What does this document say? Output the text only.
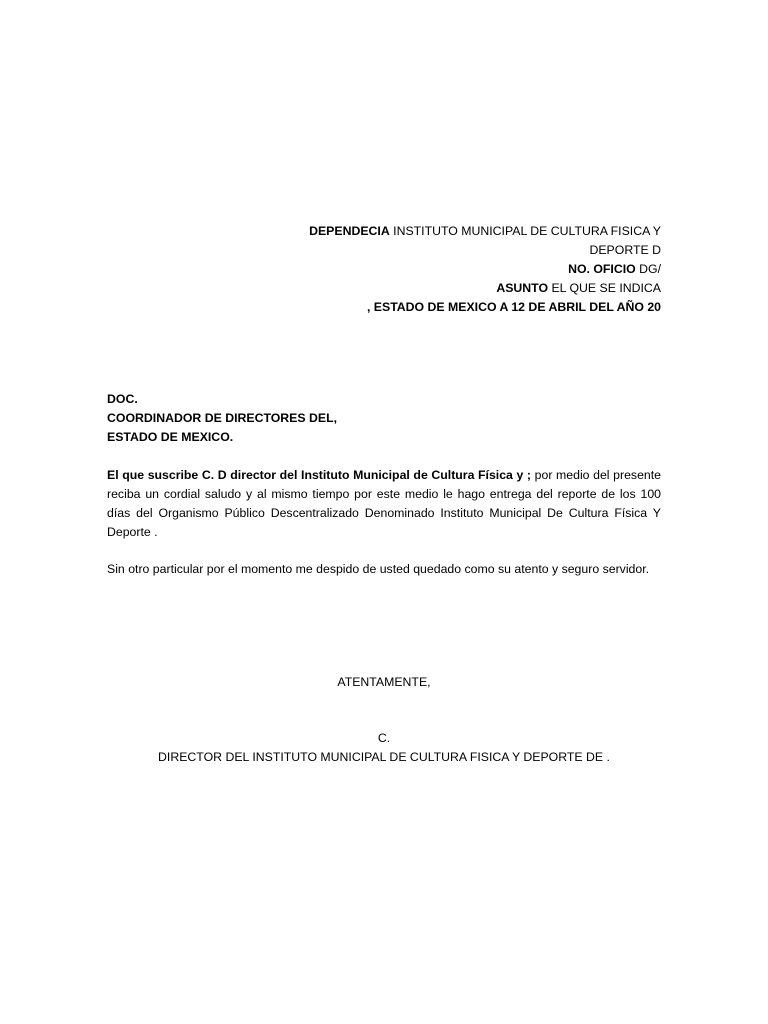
DEPENDECIA INSTITUTO MUNICIPAL DE CULTURA FISICA Y
DEPORTE D
NO. OFICIO DG/
ASUNTO EL QUE SE INDICA
, ESTADO DE MEXICO A 12 DE ABRIL DEL AÑO 20
DOC.
COORDINADOR DE DIRECTORES DEL,
ESTADO DE MEXICO.
El que suscribe C. D director del Instituto Municipal de Cultura Física y ; por medio del presente reciba un cordial saludo y al mismo tiempo por este medio le hago entrega del reporte de los 100 días del Organismo Público Descentralizado Denominado Instituto Municipal De Cultura Física Y Deporte .
Sin otro particular por el momento me despido de usted quedado como su atento y seguro servidor.
ATENTAMENTE,
C.
DIRECTOR DEL INSTITUTO MUNICIPAL DE CULTURA FISICA Y DEPORTE DE .
